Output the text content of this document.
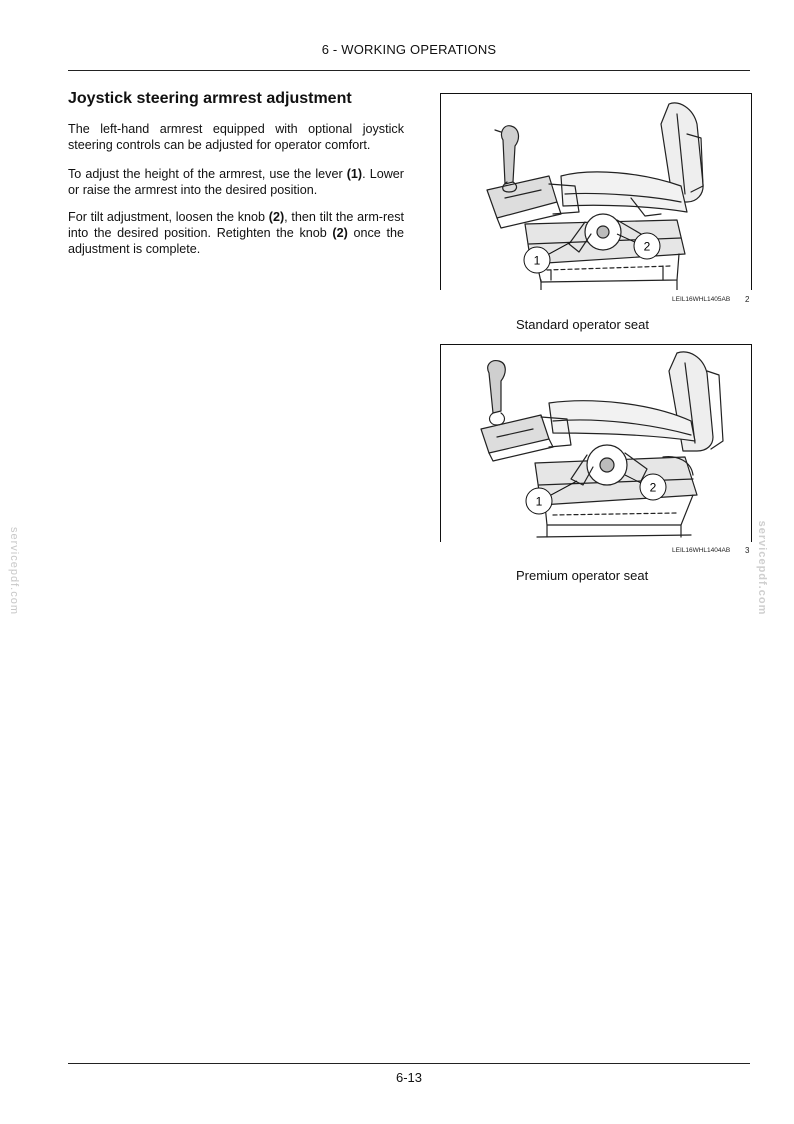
6 - WORKING OPERATIONS
Joystick steering armrest adjustment
The left-hand armrest equipped with optional joystick steering controls can be adjusted for operator comfort.
To adjust the height of the armrest, use the lever (1). Lower or raise the armrest into the desired position.
For tilt adjustment, loosen the knob (2), then tilt the arm-rest into the desired position. Retighten the knob (2) once the adjustment is complete.
1
2
LEIL16WHL1405AB 2
Standard operator seat
1
2
LEIL16WHL1404AB 3
Premium operator seat
servicepdf.com	servicepdf.com
6-13
